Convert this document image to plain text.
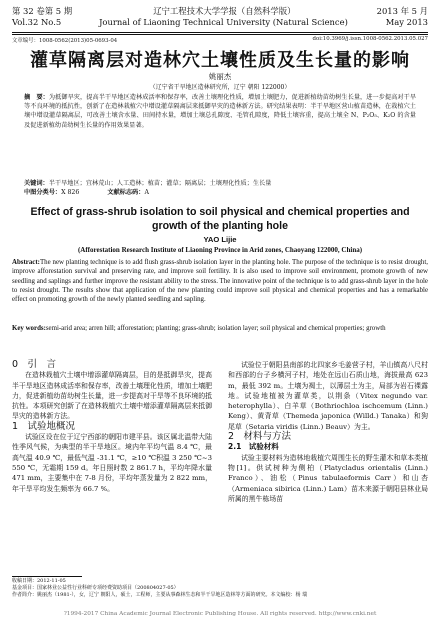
第 32 卷第 5 期	辽宁工程技术大学学报（自然科学版）	2013 年 5 月
Vol.32 No.5	Journal of Liaoning Technical University (Natural Science)	May 2013
文章编号：1008-0562(2013)05-0693-04	doi:10.3969/j.issn.1008-0562.2013.05.027
灌草隔离层对造林穴土壤性质及生长量的影响
姚丽杰
（辽宁省干旱地区造林研究所，辽宁 朝阳 122000）
摘　要：为抵御旱灾，提高半干旱地区造林成活率和保存率，改善土壤理化性质，增加土壤肥力，促进新植幼苗幼树生长量，进一步提高对干旱等不良环境的抵抗性，创新了在造林栽植穴中增设灌草隔离层来抵御旱灾的造林新方法。研究结果表明：半干旱地区营山植苗造林，在栽植穴土壤中增设灌草隔离层，可改善土壤含水量、田间持水量，增加土壤总孔隙度、毛管孔隙度，降低土壤容重，提高土壤全 N、P₂O₅、K₂O 的含量及促进新植幼苗幼树生长量的作用效果显著。
关键词：半干旱地区；宜林荒山；人工造林；植苗；灌草；隔离层；土壤理化性质；生长量
中图分类号：X 826	文献标志码：A
Effect of grass-shrub isolation to soil physical and chemical properties and growth of the planting hole
YAO Lijie
(Afforestation Research Institute of Liaoning Province in Arid zones, Chaoyang 122000, China)
Abstract:The new planting technique is to add flush grass-shrub isolation layer in the planting hole. The purpose of the technique is to resist drought, improve afforestation survival and preserving rate, and improve soil fertility. It is also used to improve soil environment, promote growth of new seedling and saplings and further improve the resistant ability to the stress. The innovative point of the technique is to add grass-shrub layer in the hole to resist drought. The results show that application of the new planting could improve soil physical and chemical properties and has a remarkable effect on promoting growth of the newly planted seedling and sapling.
Key words:semi-arid area; arren hill; afforestation; planting; grass-shrub; isolation layer; soil physical and chemical properties; growth

0　引　言

在造林栽植穴土壤中增添灌草隔离层，目的是抵御旱灾，提高半干旱地区造林成活率和保存率，改善土壤理化性质，增加土壤肥力，促进新植幼苗幼树生长量，进一步提高对干旱等不良环境的抵抗性。本项研究创新了在造林栽植穴土壤中增添灌草隔离层来抵御旱灾的造林新方法。

1　试验地概况

试验区设在位于辽宁西部的朝阳市建平县。该区属北温带大陆性季风气候，为典型的半干旱地区。境内年平均气温 8.4 ℃，最高气温 40.9 ℃，最低气温 -31.1 ℃，≥10 ℃积温 3 250 ℃~3 550 ℃，无霜期 159 d。年日照时数 2 861.7 h，平均年降水量 471 mm，主要集中在 7-8 月份，平均年蒸发量为 2 822 mm，年干旱平均发生频率为 66.7 %。

试验位于朝阳县南部的北四家乡毛姜营子村，羊山镇高八尺村和西部的台子乡横河子村，地处在远山石质山地，海拔最高 623 m，最低 392 m。土壤为褐土，以薄层土为主，局部为岩石裸露地。试验地植被为灌草类，以荆条（Vitex negundo var. heterophylla）、白羊草（Bothriochloa ischcemum (Linn.) Keng）、黄背草（Themeda japonica (Willd.) Tanaka）和狗尾草（Setaria viridis (Linn.) Beauv）为主。

2　材料与方法

2.1　试验材料

试验主要材料为造林地栽植穴周围生长的野生灌木和草本类植物[1]。供试树种为侧柏（Platycladus orientalis (Linn.) Franco）、油松（Pinus tabulaeformis Carr）和山杏（Armeniaca sibirica (Linn.) Lam）苗木来源于朝阳县林业局所属的黑牛栋场苗

收稿日期：2012-11-05
基金项目：国家林业公益性行业科研专项经费资助项目（200804027-05）
作者简介：姚丽杰（1981-），女，辽宁 朝阳人，硕士，工程师，主要从事森林生态和半干旱地区造林等方面的研究。本文编校：杨 瑞
?1994-2017 China Academic Journal Electronic Publishing House. All rights reserved. http://www.cnki.net
